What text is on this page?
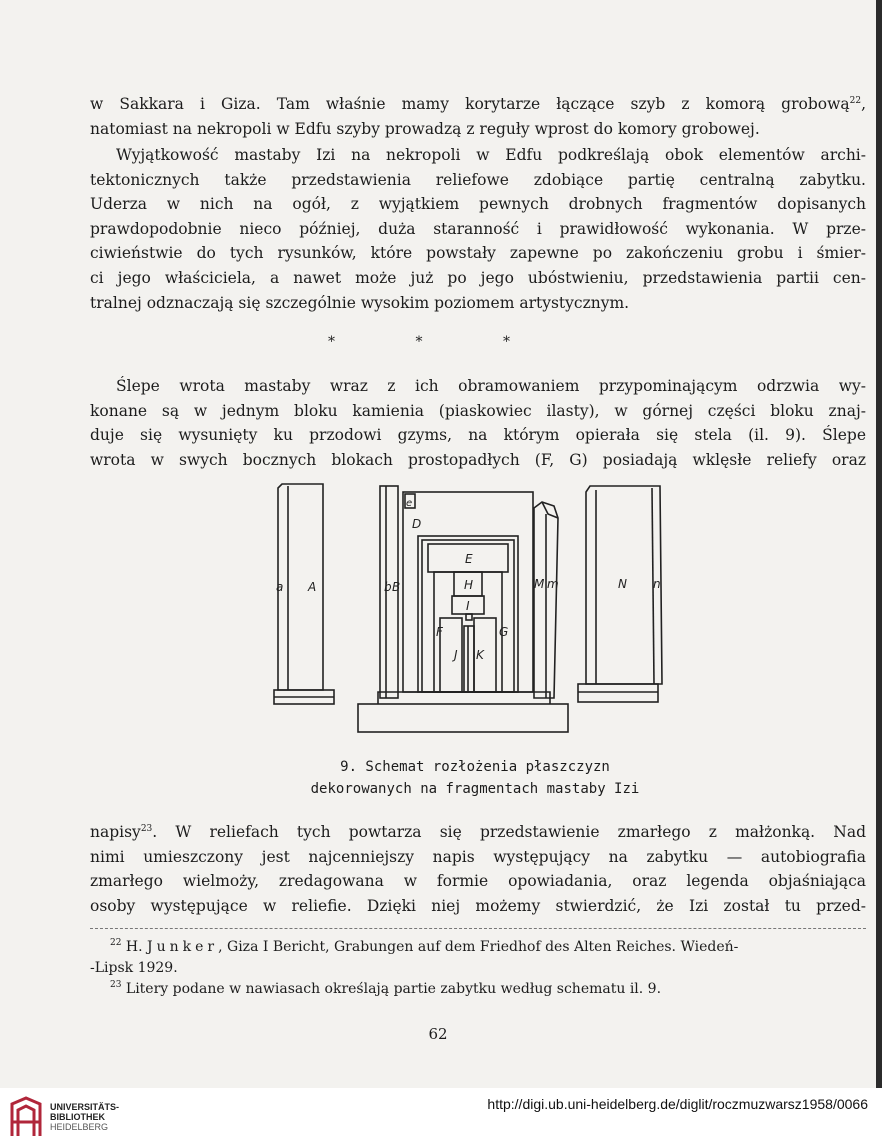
w Sakkara i Giza. Tam właśnie mamy korytarze łączące szyb z komorą grobową$^{22}$,
natomiast na nekropoli w Edfu szyby prowadzą z reguły wprost do komory grobowej.
Wyjątkowość mastaby Izi na nekropoli w Edfu podkreślają obok elementów archi-
tektonicznych także przedstawienia reliefowe zdobiące partię centralną zabytku.
Uderza w nich na ogół, z wyjątkiem pewnych drobnych fragmentów dopisanych
prawdopodobnie nieco później, duża staranność i prawidłowość wykonania. W prze-
ciwieństwie do tych rysunków, które powstały zapewne po zakończeniu grobu i śmier-
ci jego właściciela, a nawet może już po jego ubóstwieniu, przedstawienia partii cen-
tralnej odznaczają się szczególnie wysokim poziomem artystycznym.
* * *
Ślepe wrota mastaby wraz z ich obramowaniem przypominającym odrzwia wy-
konane są w jednym bloku kamienia (piaskowiec ilasty), w górnej części bloku znaj-
duje się wysunięty ku przodowi gzyms, na którym opierała się stela (il. 9). Ślepe
wrota w swych bocznych blokach prostopadłych (F, G) posiadają wklęsłe reliefy oraz
a A	b B
e
D
E
H
I
F	G
J K
M m	N n
9. Schemat rozłożenia płaszczyzn
dekorowanych na fragmentach mastaby Izi
napisy$^{23}$. W reliefach tych powtarza się przedstawienie zmarłego z małżonką. Nad
nimi umieszczony jest najcenniejszy napis występujący na zabytku — autobiografia
zmarłego wielmoży, zredagowana w formie opowiadania, oraz legenda objaśniająca
osoby występujące w reliefie. Dzięki niej możemy stwierdzić, że Izi został tu przed-
$^{22}$ H. Junker, Giza I Bericht, Grabungen auf dem Friedhof des Alten Reiches. Wiedeń-
-Lipsk 1929.
$^{23}$ Litery podane w nawiasach określają partie zabytku według schematu il. 9.
62
UNIVERSITÄTS-
BIBLIOTHEK
HEIDELBERG
http://digi.ub.uni-heidelberg.de/diglit/roczmuzwarsz1958/0066
